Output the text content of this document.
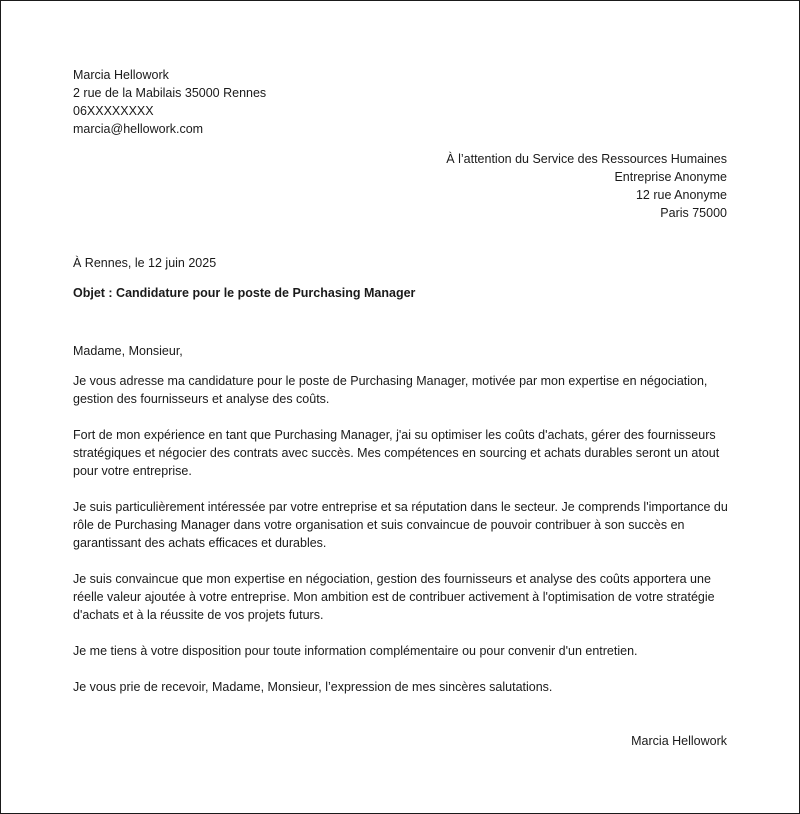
Marcia Hellowork
2 rue de la Mabilais 35000 Rennes
06XXXXXXXX
marcia@hellowork.com
À l’attention du Service des Ressources Humaines
Entreprise Anonyme
12 rue Anonyme
Paris 75000
À Rennes, le 12 juin 2025
Objet : Candidature pour le poste de Purchasing Manager
Madame, Monsieur,

Je vous adresse ma candidature pour le poste de Purchasing Manager, motivée par mon expertise en négociation, gestion des fournisseurs et analyse des coûts.

Fort de mon expérience en tant que Purchasing Manager, j'ai su optimiser les coûts d'achats, gérer des fournisseurs stratégiques et négocier des contrats avec succès. Mes compétences en sourcing et achats durables seront un atout pour votre entreprise.

Je suis particulièrement intéressée par votre entreprise et sa réputation dans le secteur. Je comprends l'importance du rôle de Purchasing Manager dans votre organisation et suis convaincue de pouvoir contribuer à son succès en garantissant des achats efficaces et durables.

Je suis convaincue que mon expertise en négociation, gestion des fournisseurs et analyse des coûts apportera une réelle valeur ajoutée à votre entreprise. Mon ambition est de contribuer activement à l'optimisation de votre stratégie d'achats et à la réussite de vos projets futurs.

Je me tiens à votre disposition pour toute information complémentaire ou pour convenir d'un entretien.

Je vous prie de recevoir, Madame, Monsieur, l’expression de mes sincères salutations.

Marcia Hellowork
